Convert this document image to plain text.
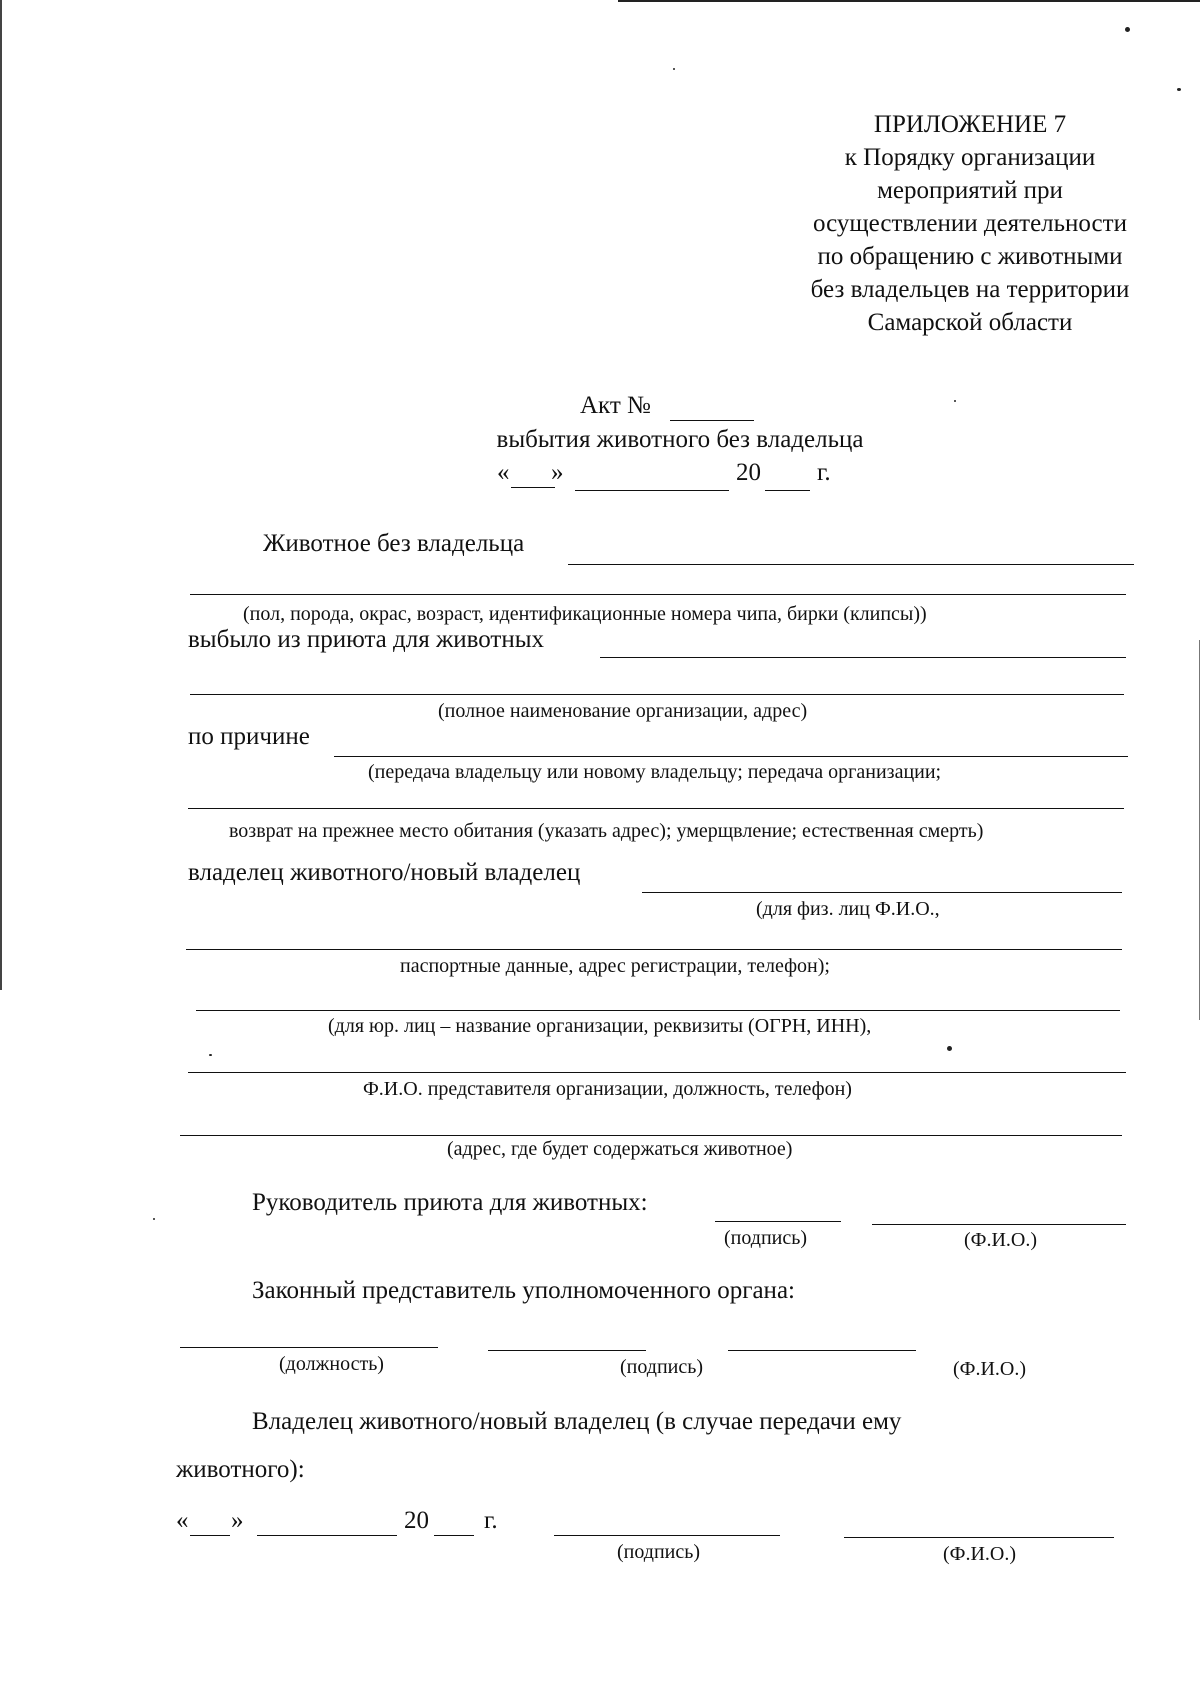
ПРИЛОЖЕНИЕ 7
к Порядку организации
мероприятий при
осуществлении деятельности
по обращению с животными
без владельцев на территории
Самарской области
Акт №
выбытия животного без владельца
« »	20 г.
Животное без владельца
(пол, порода, окрас, возраст, идентификационные номера чипа, бирки (клипсы))
выбыло из приюта для животных
(полное наименование организации, адрес)
по причине
(передача владельцу или новому владельцу; передача организации;
возврат на прежнее место обитания (указать адрес); умерщвление; естественная смерть)
владелец животного/новый владелец
(для физ. лиц Ф.И.О.,
паспортные данные, адрес регистрации, телефон);
(для юр. лиц – название организации, реквизиты (ОГРН, ИНН),
Ф.И.О. представителя организации, должность, телефон)
(адрес, где будет содержаться животное)
Руководитель приюта для животных:
(подпись)	(Ф.И.О.)
Законный представитель уполномоченного органа:
(должность)	(подпись)	(Ф.И.О.)
Владелец животного/новый владелец (в случае передачи ему
животного):
« »	20 г.
(подпись)	(Ф.И.О.)
